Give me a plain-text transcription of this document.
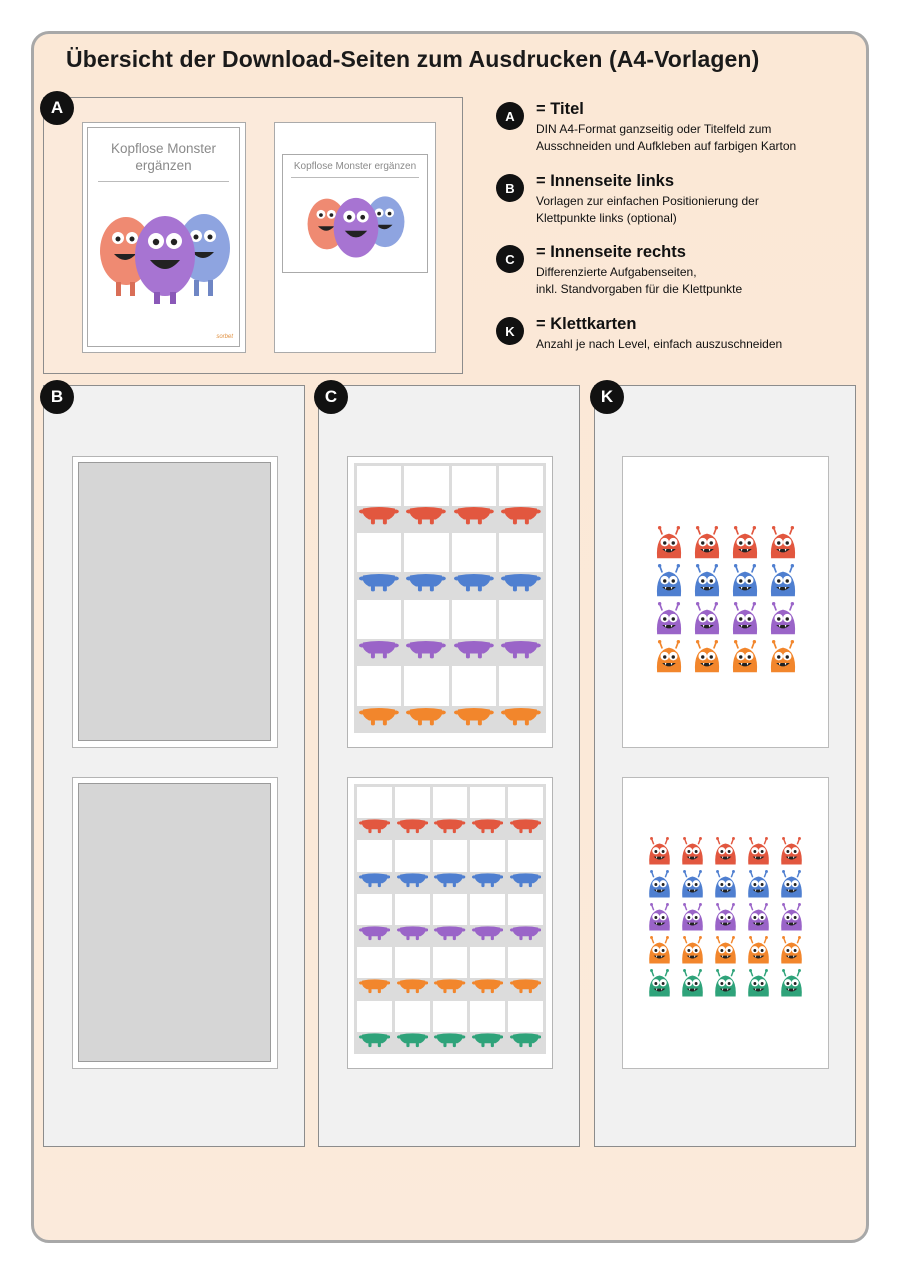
Übersicht der Download-Seiten zum Ausdrucken (A4-Vorlagen)
Kopflose Monster
ergänzen
sorbet
Kopflose Monster ergänzen
A	A	= Titel
DIN A4-Format ganzseitig oder Titelfeld zum
Ausschneiden und Aufkleben auf farbigen Karton
B	= Innenseite links
Vorlagen zur einfachen Positionierung der
Klettpunkte links (optional)
C	= Innenseite rechts
Differenzierte Aufgabenseiten,
inkl. Standvorgaben für die Klettpunkte
K	= Klettkarten
Anzahl je nach Level, einfach auszuschneiden
B	C	K
